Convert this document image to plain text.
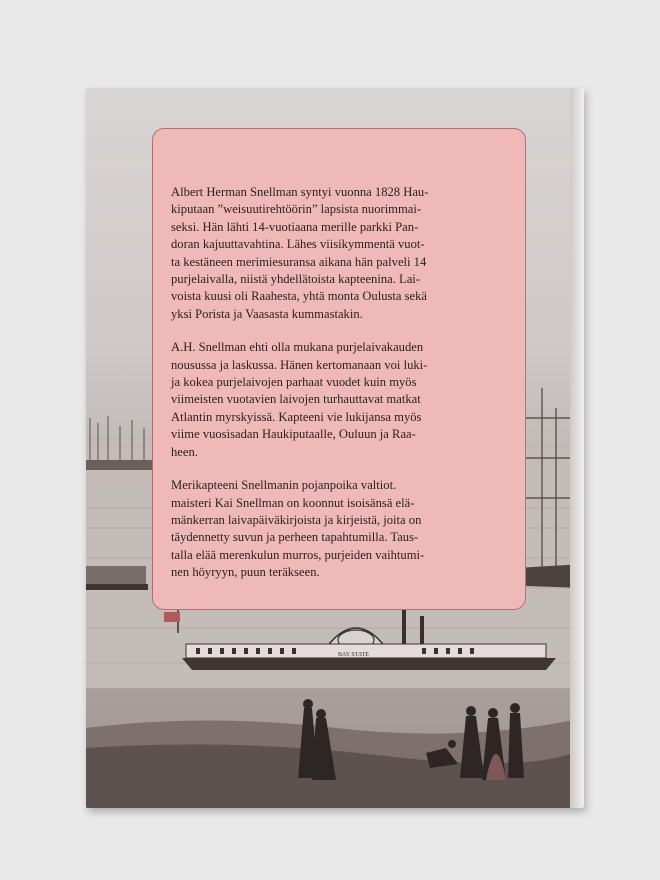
BAY STATE

Albert Herman Snellman syntyi vuonna 1828 Hau-
kiputaan ”weisuutirehtöörin” lapsista nuorimmai-
seksi. Hän lähti 14-vuotiaana merille parkki Pan-
doran kajuuttavahtina. Lähes viisikymmentä vuot-
ta kestäneen merimiesuransa aikana hän palveli 14
purjelaivalla, niistä yhdellätoista kapteenina. Lai-
voista kuusi oli Raahesta, yhtä monta Oulusta sekä
yksi Porista ja Vaasasta kummastakin.

A.H. Snellman ehti olla mukana purjelaivakauden
nousussa ja laskussa. Hänen kertomanaan voi luki-
ja kokea purjelaivojen parhaat vuodet kuin myös
viimeisten vuotavien laivojen turhauttavat matkat
Atlantin myrskyissä. Kapteeni vie lukijansa myös
viime vuosisadan Haukiputaalle, Ouluun ja Raa-
heen.

Merikapteeni Snellmanin pojanpoika valtiot.
maisteri Kai Snellman on koonnut isoisänsä elä-
mänkerran laivapäiväkirjoista ja kirjeistä, joita on
täydennetty suvun ja perheen tapahtumilla. Taus-
talla elää merenkulun murros, purjeiden vaihtumi-
nen höyryyn, puun teräkseen.
